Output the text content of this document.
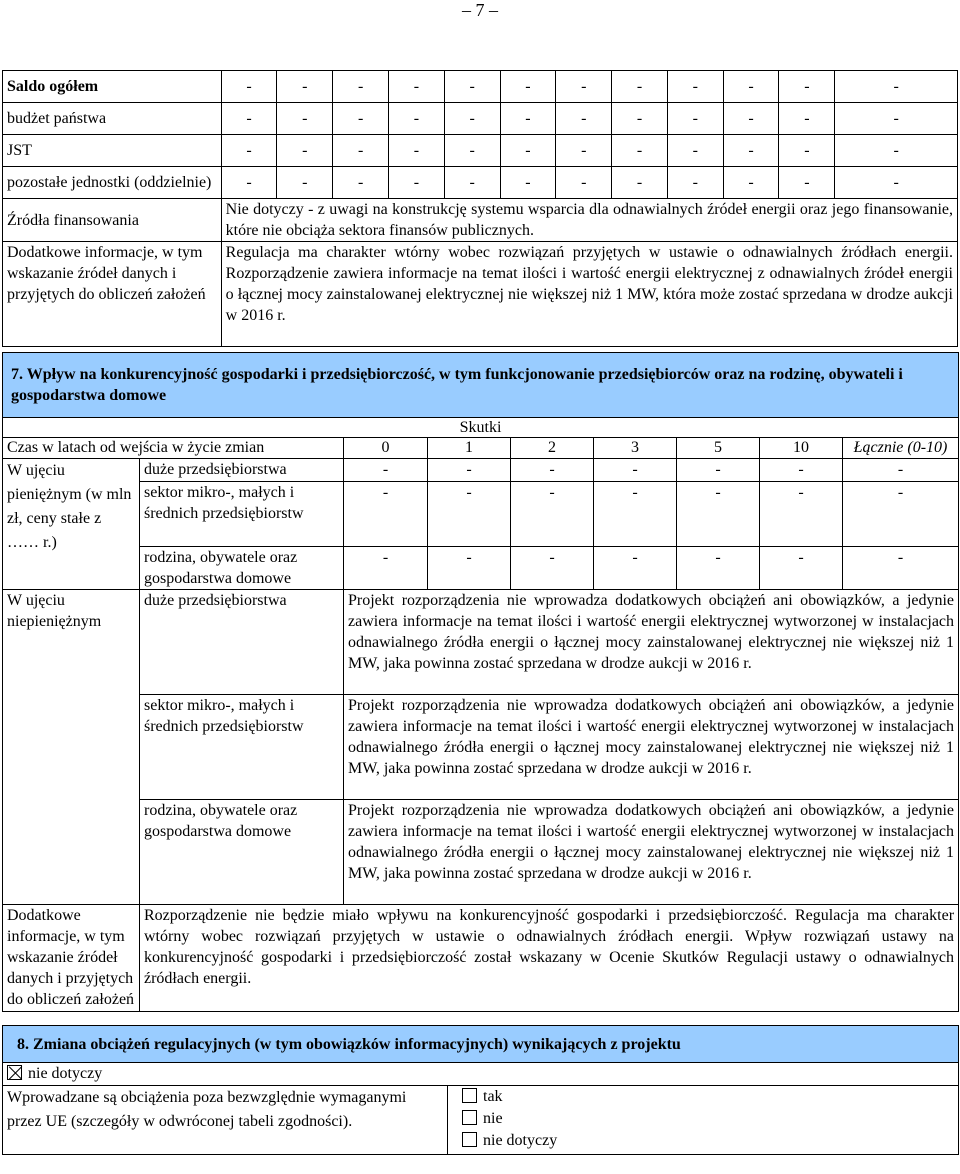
– 7 –
Saldo ogółem	-	-	-	-	-	-	-	-	-	-	-	-
budżet państwa	-	-	-	-	-	-	-	-	-	-	-	-
JST	-	-	-	-	-	-	-	-	-	-	-	-
pozostałe jednostki (oddzielnie)	-	-	-	-	-	-	-	-	-	-	-	-
Źródła finansowania	Nie dotyczy - z uwagi na konstrukcję systemu wsparcia dla odnawialnych źródeł energii oraz jego finansowanie, które nie obciąża sektora finansów publicznych.											
Dodatkowe informacje, w tym wskazanie źródeł danych i przyjętych do obliczeń założeń	Regulacja ma charakter wtórny wobec rozwiązań przyjętych w ustawie o odnawialnych źródłach energii. Rozporządzenie zawiera informacje na temat ilości i wartość energii elektrycznej z odnawialnych źródeł energii o łącznej mocy zainstalowanej elektrycznej nie większej niż 1 MW, która może zostać sprzedana w drodze aukcji w 2016 r.											
7. Wpływ na konkurencyjność gospodarki i przedsiębiorczość, w tym funkcjonowanie przedsiębiorców oraz na rodzinę, obywateli i gospodarstwa domowe								
Skutki								
Czas w latach od wejścia w życie zmian		0	1	2	3	5	10	Łącznie (0-10)
W ujęciu pieniężnym (w mln zł, ceny stałe z …… r.)	duże przedsiębiorstwa	-	-	-	-	-	-	-
	sektor mikro-, małych i średnich przedsiębiorstw	-	-	-	-	-	-	-
	rodzina, obywatele oraz gospodarstwa domowe	-	-	-	-	-	-	-
W ujęciu niepieniężnym	duże przedsiębiorstwa	Projekt rozporządzenia nie wprowadza dodatkowych obciążeń ani obowiązków, a jedynie zawiera informacje na temat ilości i wartość energii elektrycznej wytworzonej w instalacjach odnawialnego źródła energii o łącznej mocy zainstalowanej elektrycznej nie większej niż 1 MW, jaka powinna zostać sprzedana w drodze aukcji w 2016 r.						
	sektor mikro-, małych i średnich przedsiębiorstw	Projekt rozporządzenia nie wprowadza dodatkowych obciążeń ani obowiązków, a jedynie zawiera informacje na temat ilości i wartość energii elektrycznej wytworzonej w instalacjach odnawialnego źródła energii o łącznej mocy zainstalowanej elektrycznej nie większej niż 1 MW, jaka powinna zostać sprzedana w drodze aukcji w 2016 r.						
	rodzina, obywatele oraz gospodarstwa domowe	Projekt rozporządzenia nie wprowadza dodatkowych obciążeń ani obowiązków, a jedynie zawiera informacje na temat ilości i wartość energii elektrycznej wytworzonej w instalacjach odnawialnego źródła energii o łącznej mocy zainstalowanej elektrycznej nie większej niż 1 MW, jaka powinna zostać sprzedana w drodze aukcji w 2016 r.						
Dodatkowe informacje, w tym wskazanie źródeł danych i przyjętych do obliczeń założeń	Rozporządzenie nie będzie miało wpływu na konkurencyjność gospodarki i przedsiębiorczość. Regulacja ma charakter wtórny wobec rozwiązań przyjętych w ustawie o odnawialnych źródłach energii. Wpływ rozwiązań ustawy na konkurencyjność gospodarki i przedsiębiorczość został wskazany w Ocenie Skutków Regulacji ustawy o odnawialnych źródłach energii.							
8. Zmiana obciążeń regulacyjnych (w tym obowiązków informacyjnych) wynikających z projektu
nie dotyczy
Wprowadzane są obciążenia poza bezwzględnie wymaganymi przez UE (szczegóły w odwróconej tabeli zgodności).	
tak
nie
nie dotyczy
